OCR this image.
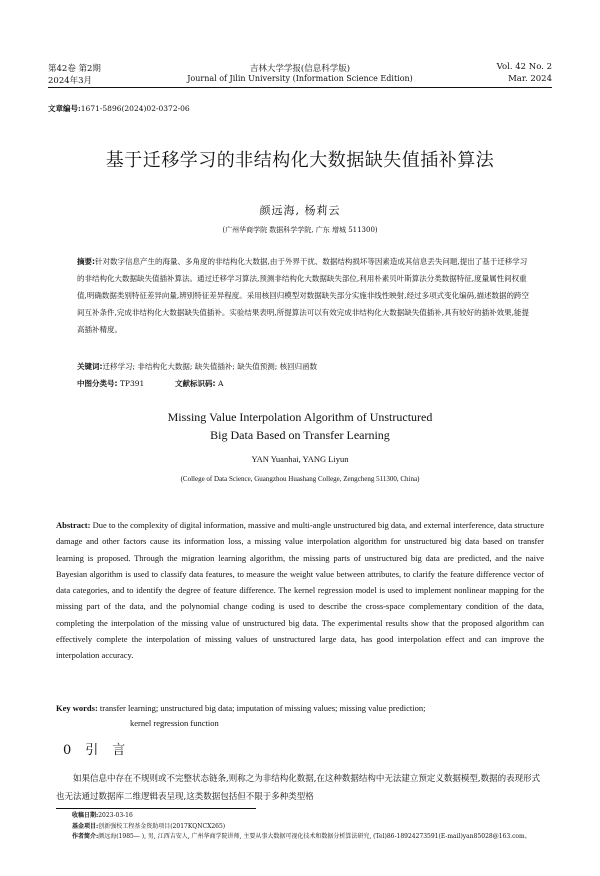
第42卷 第2期
2024年3月
吉林大学学报(信息科学版)
Journal of Jilin University (Information Science Edition)
Vol. 42 No. 2
Mar. 2024
文章编号:1671-5896(2024)02-0372-06
基于迁移学习的非结构化大数据缺失值插补算法
颜远海, 杨莉云
(广州华商学院 数据科学学院, 广东 增城 511300)
摘要:针对数字信息产生的海量、多角度的非结构化大数据,由于外界干扰、数据结构损坏等因素造成其信息丢失问题,提出了基于迁移学习的非结构化大数据缺失值插补算法。通过迁移学习算法,预测非结构化大数据缺失部位,利用朴素贝叶斯算法分类数据特征,度量属性间权重值,明确数据类别特征差异向量,辨别特征差异程度。采用核回归模型对数据缺失部分实施非线性映射,经过多项式变化编码,描述数据的跨空间互补条件,完成非结构化大数据缺失值插补。实验结果表明,所提算法可以有效完成非结构化大数据缺失值插补,具有较好的插补效果,能提高插补精度。
关键词:迁移学习; 非结构化大数据; 缺失值插补; 缺失值预测; 核回归函数
中图分类号: TP391	文献标识码: A
Missing Value Interpolation Algorithm of Unstructured
Big Data Based on Transfer Learning
YAN Yuanhai, YANG Liyun
(College of Data Science, Guangzhou Huashang College, Zengcheng 511300, China)
Abstract: Due to the complexity of digital information, massive and multi-angle unstructured big data, and external interference, data structure damage and other factors cause its information loss, a missing value interpolation algorithm for unstructured big data based on transfer learning is proposed. Through the migration learning algorithm, the missing parts of unstructured big data are predicted, and the naive Bayesian algorithm is used to classify data features, to measure the weight value between attributes, to clarify the feature difference vector of data categories, and to identify the degree of feature difference. The kernel regression model is used to implement nonlinear mapping for the missing part of the data, and the polynomial change coding is used to describe the cross-space complementary condition of the data, completing the interpolation of the missing value of unstructured big data. The experimental results show that the proposed algorithm can effectively complete the interpolation of missing values of unstructured large data, has good interpolation effect and can improve the interpolation accuracy.
Key words: transfer learning; unstructured big data; imputation of missing values; missing value prediction;
kernel regression function
0引言
如果信息中存在不规则或不完整状态链条,则称之为非结构化数据,在这种数据结构中无法建立预定义数据模型,数据的表现形式也无法通过数据库二维逻辑表呈现,这类数据包括但不限于多种类型格
收稿日期:2023-03-16
基金项目:创新强校工程基金资助项目(2017KQNCX265)
作者简介:颜远海(1985— ), 男, 江西吉安人, 广州华商学院讲师, 主要从事大数据可视化技术和数据分析算法研究, (Tel)86-18924273591(E-mail)yan85028@163.com。
